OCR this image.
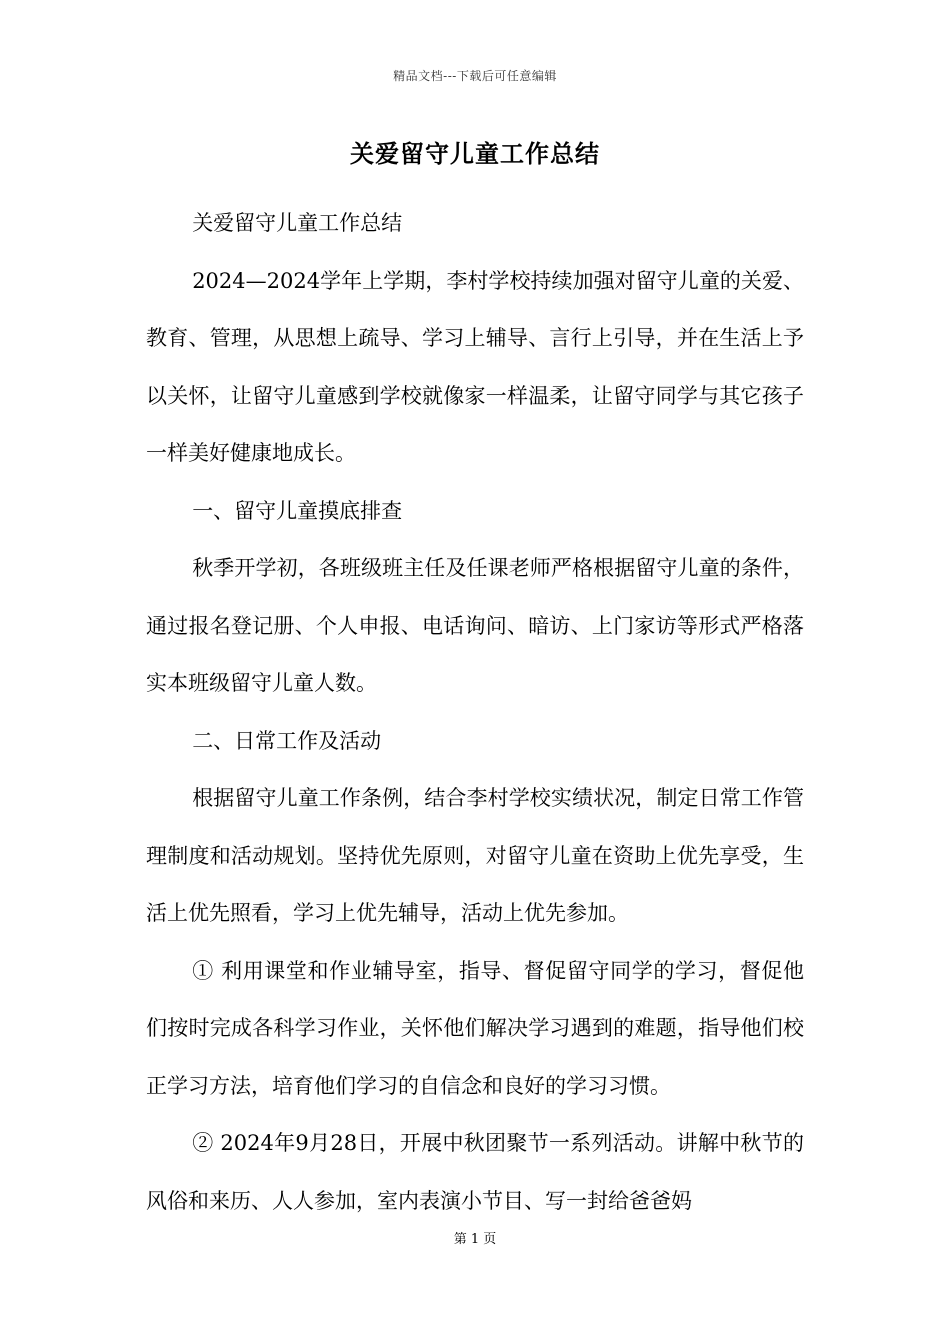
精品文档---下载后可任意编辑
关爱留守儿童工作总结

关爱留守儿童工作总结

2024—2024学年上学期，李村学校持续加强对留守儿童的关爱、教育、管理，从思想上疏导、学习上辅导、言行上引导，并在生活上予以关怀，让留守儿童感到学校就像家一样温柔，让留守同学与其它孩子一样美好健康地成长。

一、留守儿童摸底排查

秋季开学初，各班级班主任及任课老师严格根据留守儿童的条件，通过报名登记册、个人申报、电话询问、暗访、上门家访等形式严格落实本班级留守儿童人数。

二、日常工作及活动

根据留守儿童工作条例，结合李村学校实绩状况，制定日常工作管理制度和活动规划。坚持优先原则，对留守儿童在资助上优先享受，生活上优先照看，学习上优先辅导，活动上优先参加。

① 利用课堂和作业辅导室，指导、督促留守同学的学习，督促他们按时完成各科学习作业，关怀他们解决学习遇到的难题，指导他们校正学习方法，培育他们学习的自信念和良好的学习习惯。

② 2024年9月28日，开展中秋团聚节一系列活动。讲解中秋节的风俗和来历、人人参加，室内表演小节目、写一封给爸爸妈

第 1 页
